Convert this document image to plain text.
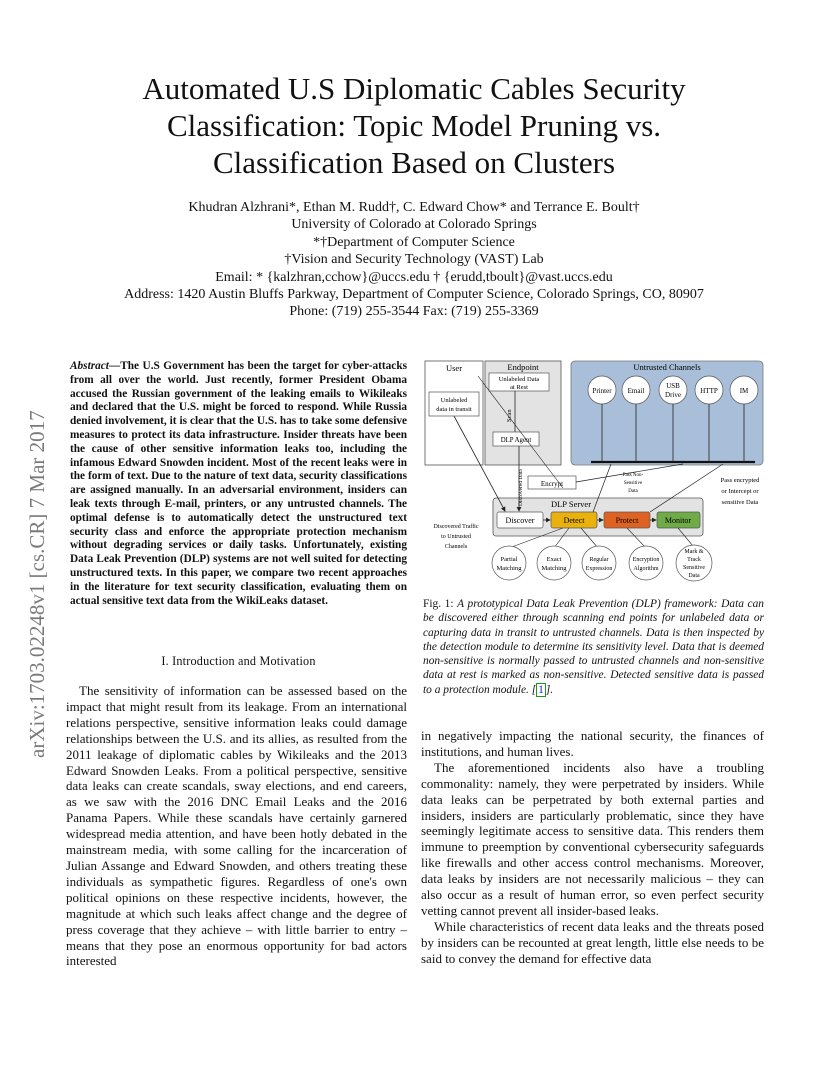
arXiv:1703.02248v1 [cs.CR] 7 Mar 2017
Automated U.S Diplomatic Cables Security
Classification: Topic Model Pruning vs.
Classification Based on Clusters
Khudran Alzhrani*, Ethan M. Rudd†, C. Edward Chow* and Terrance E. Boult†
University of Colorado at Colorado Springs
*†Department of Computer Science
†Vision and Security Technology (VAST) Lab
Email: * {kalzhran,cchow}@uccs.edu † {erudd,tboult}@vast.uccs.edu
Address: 1420 Austin Bluffs Parkway, Department of Computer Science, Colorado Springs, CO, 80907
Phone: (719) 255-3544 Fax: (719) 255-3369
Abstract—The U.S Government has been the target for cyber-attacks from all over the world. Just recently, former President Obama accused the Russian government of the leaking emails to Wikileaks and declared that the U.S. might be forced to respond. While Russia denied involvement, it is clear that the U.S. has to take some defensive measures to protect its data infrastructure. Insider threats have been the cause of other sensitive information leaks too, including the infamous Edward Snowden incident. Most of the recent leaks were in the form of text. Due to the nature of text data, security classifications are assigned manually. In an adversarial environment, insiders can leak texts through E-mail, printers, or any untrusted channels. The optimal defense is to automatically detect the unstructured text security class and enforce the appropriate protection mechanism without degrading services or daily tasks. Unfortunately, existing Data Leak Prevention (DLP) systems are not well suited for detecting unstructured texts. In this paper, we compare two recent approaches in the literature for text security classification, evaluating them on actual sensitive text data from the WikiLeaks dataset.
I. Introduction and Motivation

The sensitivity of information can be assessed based on the impact that might result from its leakage. From an international relations perspective, sensitive information leaks could damage relationships between the U.S. and its allies, as resulted from the 2011 leakage of diplomatic cables by Wikileaks and the 2013 Edward Snowden Leaks. From a political perspective, sensitive data leaks can create scandals, sway elections, and end careers, as we saw with the 2016 DNC Email Leaks and the 2016 Panama Papers. While these scandals have certainly garnered widespread media attention, and have been hotly debated in the mainstream media, with some calling for the incarceration of Julian Assange and Edward Snowden, and others treating these individuals as sympathetic figures. Regardless of one's own political opinions on these respective incidents, however, the magnitude at which such leaks affect change and the degree of press coverage that they achieve – with little barrier to entry – means that they pose an enormous opportunity for bad actors interested

Untrusted Channels
User
Unlabeled
data in transit
Endpoint
Unlabeled Data
at Rest
Scan
DLP Agent
Printer Email
USB
Drive	HTTP	IM
Encrypt
Pass Non-
Sensitive
Data
Pass encrypted
or Intercept or
sensitive Data
DLP Server
Discover	Detect	Protect	Monitor
Discovered Data
Discovered Traffic
to Untrusted
Channels
Partial
Matching
Exact
Matching
Regular
Expression
Encryption
Algorithm
Mark &
Track
Sensitive
Data
Fig. 1: A prototypical Data Leak Prevention (DLP) framework: Data can be discovered either through scanning end points for unlabeled data or capturing data in transit to untrusted channels. Data is then inspected by the detection module to determine its sensitivity level. Data that is deemed non-sensitive is normally passed to untrusted channels and non-sensitive data at rest is marked as non-sensitive. Detected sensitive data is passed to a protection module. [ 1 ].

in negatively impacting the national security, the finances of institutions, and human lives.

The aforementioned incidents also have a troubling commonality: namely, they were perpetrated by insiders. While data leaks can be perpetrated by both external parties and insiders, insiders are particularly problematic, since they have seemingly legitimate access to sensitive data. This renders them immune to preemption by conventional cybersecurity safeguards like firewalls and other access control mechanisms. Moreover, data leaks by insiders are not necessarily malicious – they can also occur as a result of human error, so even perfect security vetting cannot prevent all insider-based leaks.

While characteristics of recent data leaks and the threats posed by insiders can be recounted at great length, little else needs to be said to convey the demand for effective data
